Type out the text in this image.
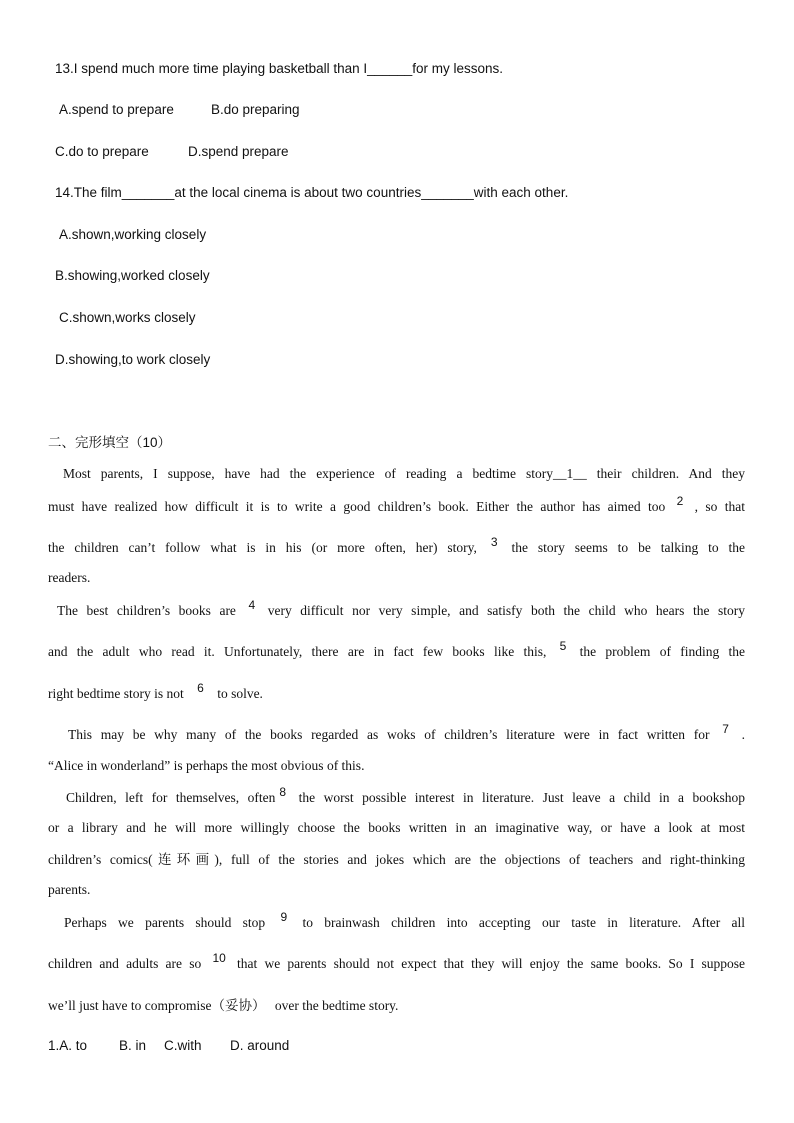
13.I spend much more time playing basketball than I______for my lessons.
A.spend to prepare	B.do preparing
C.do to prepare	D.spend prepare
14.The film_______at the local cinema is about two countries_______with each other.
A.shown,working closely
B.showing,worked closely
C.shown,works closely
D.showing,to work closely
二、完形填空（10）
Most parents, I suppose, have had the experience of reading a bedtime story__1__ their children. And they
must have realized how difficult it is to write a good children’s book. Either the author has aimed too 2 , so that
the children can’t follow what is in his (or more often, her) story, 3 the story seems to be talking to the
readers.
The best children’s books are 4 very difficult nor very simple, and satisfy both the child who hears the story
and the adult who read it. Unfortunately, there are in fact few books like this, 5 the problem of finding the
right bedtime story is not 6 to solve.
This may be why many of the books regarded as woks of children’s literature were in fact written for 7 .
“Alice in wonderland” is perhaps the most obvious of this.
Children, left for themselves, often 8 the worst possible interest in literature. Just leave a child in a bookshop
or a library and he will more willingly choose the books written in an imaginative way, or have a look at most
children’s comics(连环画), full of the stories and jokes which are the objections of teachers and right-thinking
parents.
Perhaps we parents should stop 9 to brainwash children into accepting our taste in literature. After all
children and adults are so 10 that we parents should not expect that they will enjoy the same books. So I suppose
we’ll just have to compromise（妥协） over the bedtime story.
1.A. to B. in C.with D. around
